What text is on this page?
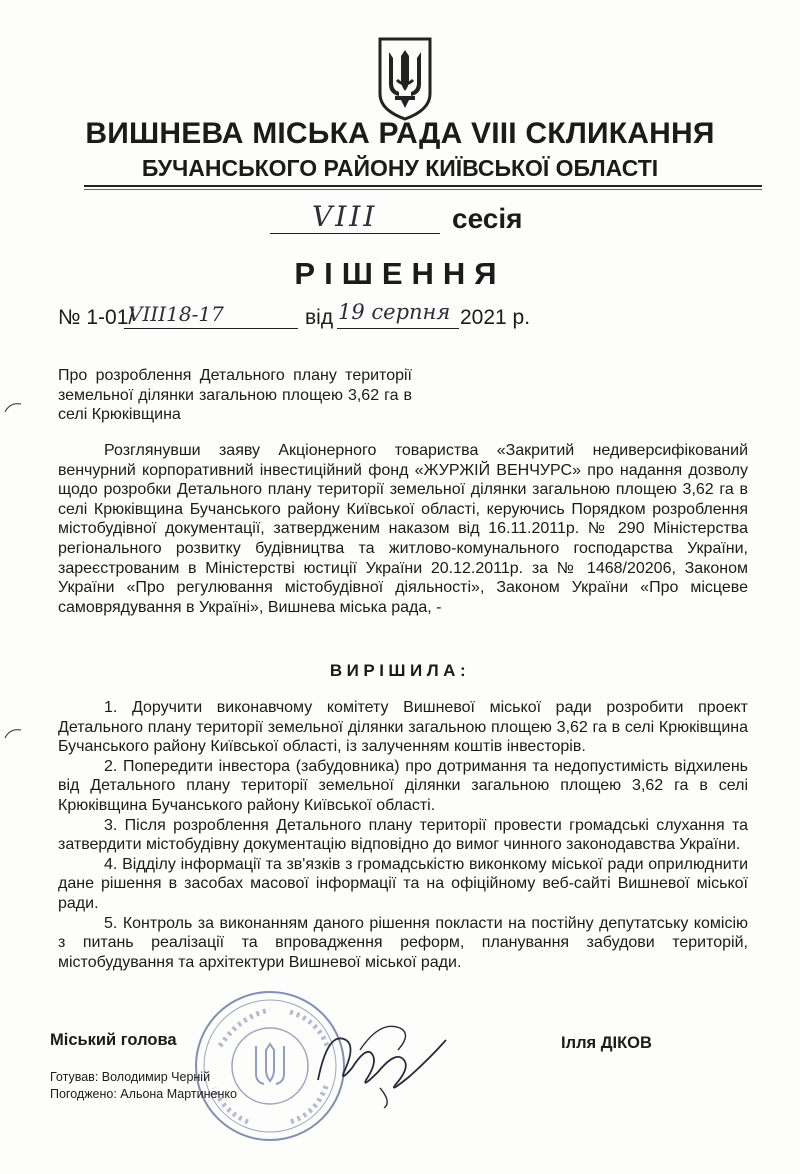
ВИШНЕВА МІСЬКА РАДА VIII СКЛИКАННЯ
БУЧАНСЬКОГО РАЙОНУ КИЇВСЬКОЇ ОБЛАСТІ
VIII	сесія
РІШЕННЯ
№ 1-01/
VIII18-17	від 19 серпня 2021 р.
Про розроблення Детального плану території земельної ділянки загальною площею 3,62 га в селі Крюківщина
Розглянувши заяву Акціонерного товариства «Закритий недиверсифікований венчурний корпоративний інвестиційний фонд «ЖУРЖІЙ ВЕНЧУРС» про надання дозволу щодо розробки Детального плану території земельної ділянки загальною площею 3,62 га в селі Крюківщина Бучанського району Київської області, керуючись Порядком розроблення містобудівної документації, затвердженим наказом від 16.11.2011р. № 290 Міністерства регіонального розвитку будівництва та житлово-комунального господарства України, зареєстрованим в Міністерстві юстиції України 20.12.2011р. за № 1468/20206, Законом України «Про регулювання містобудівної діяльності», Законом України «Про місцеве самоврядування в Україні», Вишнева міська рада, -
ВИРІШИЛА:

1. Доручити виконавчому комітету Вишневої міської ради розробити проект Детального плану території земельної ділянки загальною площею 3,62 га в селі Крюківщина Бучанського району Київської області, із залученням коштів інвесторів.

2. Попередити інвестора (забудовника) про дотримання та недопустимість відхилень від Детального плану території земельної ділянки загальною площею 3,62 га в селі Крюківщина Бучанського району Київської області.

3. Після розроблення Детального плану території провести громадські слухання та затвердити містобудівну документацію відповідно до вимог чинного законодавства України.

4. Відділу інформації та зв'язків з громадськістю виконкому міської ради оприлюднити дане рішення в засобах масової інформації та на офіційному веб-сайті Вишневої міської ради.

5. Контроль за виконанням даного рішення покласти на постійну депутатську комісію з питань реалізації та впровадження реформ, планування забудови територій, містобудування та архітектури Вишневої міської ради.

Міський голова	Ілля ДІКОВ
Готував: Володимир Черній
Погоджено: Альона Мартиненко
